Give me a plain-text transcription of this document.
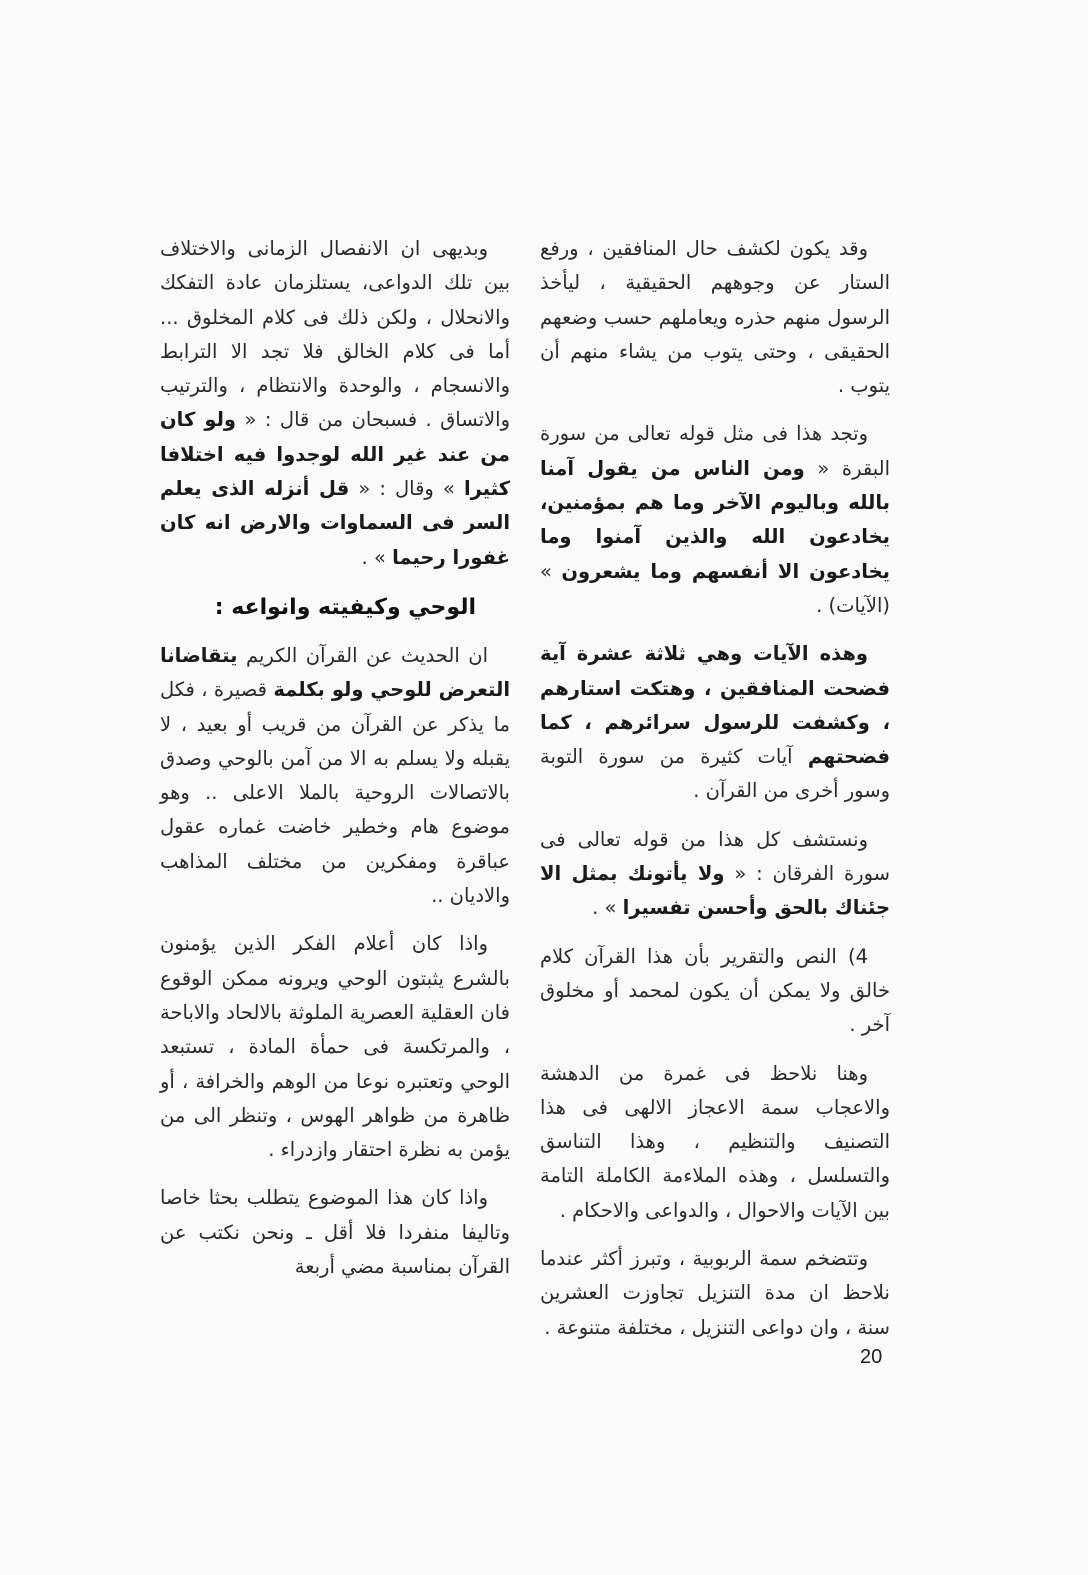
وقد يكون لكشف حال المنافقين ، ورفع الستار عن وجوههم الحقيقية ، ليأخذ الرسول منهم حذره ويعاملهم حسب وضعهم الحقيقى ، وحتى يتوب من يشاء منهم أن يتوب .

وتجد هذا فى مثل قوله تعالى من سورة البقرة « ومن الناس من يقول آمنا بالله وباليوم الآخر وما هم بمؤمنين، يخادعون الله والذين آمنوا وما يخادعون الا أنفسهم وما يشعرون » (الآيات) .

وهذه الآيات وهي ثلاثة عشرة آية فضحت المنافقين ، وهتكت استارهم ، وكشفت للرسول سرائرهم ، كما فضحتهم آيات كثيرة من سورة التوبة وسور أخرى من القرآن .

ونستشف كل هذا من قوله تعالى فى سورة الفرقان : « ولا يأتونك بمثل الا جئناك بالحق وأحسن تفسيرا » .

4) النص والتقرير بأن هذا القرآن كلام خالق ولا يمكن أن يكون لمحمد أو مخلوق آخر .

وهنا نلاحظ فى غمرة من الدهشة والاعجاب سمة الاعجاز الالهى فى هذا التصنيف والتنظيم ، وهذا التناسق والتسلسل ، وهذه الملاءمة الكاملة التامة بين الآيات والاحوال ، والدواعى والاحكام .

وتتضخم سمة الربوبية ، وتبرز أكثر عندما نلاحظ ان مدة التنزيل تجاوزت العشرين سنة ، وان دواعى التنزيل ، مختلفة متنوعة .

وبديهى ان الانفصال الزمانى والاختلاف بين تلك الدواعى، يستلزمان عادة التفكك والانحلال ، ولكن ذلك فى كلام المخلوق ... أما فى كلام الخالق فلا تجد الا الترابط والانسجام ، والوحدة والانتظام ، والترتيب والاتساق . فسبحان من قال : « ولو كان من عند غير الله لوجدوا فيه اختلافا كثيرا » وقال : « قل أنزله الذى يعلم السر فى السماوات والارض انه كان غفورا رحيما » .

الوحي وكيفيته وانواعه :

ان الحديث عن القرآن الكريم يتقاضانا التعرض للوحي ولو بكلمة قصيرة ، فكل ما يذكر عن القرآن من قريب أو بعيد ، لا يقبله ولا يسلم به الا من آمن بالوحي وصدق بالاتصالات الروحية بالملا الاعلى .. وهو موضوع هام وخطير خاضت غماره عقول عباقرة ومفكرين من مختلف المذاهب والاديان ..

واذا كان أعلام الفكر الذين يؤمنون بالشرع يثبتون الوحي ويرونه ممكن الوقوع فان العقلية العصرية الملوثة بالالحاد والاباحة ، والمرتكسة فى حمأة المادة ، تستبعد الوحي وتعتبره نوعا من الوهم والخرافة ، أو ظاهرة من ظواهر الهوس ، وتنظر الى من يؤمن به نظرة احتقار وازدراء .

واذا كان هذا الموضوع يتطلب بحثا خاصا وتاليفا منفردا فلا أقل ـ ونحن نكتب عن القرآن بمناسبة مضي أربعة

20
